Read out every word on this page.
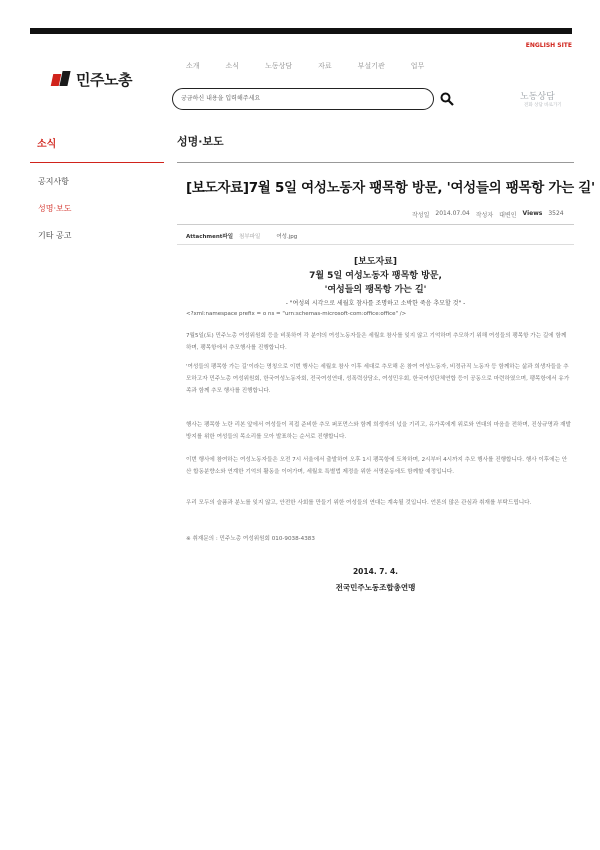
ENGLISH SITE
민주노총
소개	소식	노동상담	자료	부설기관	업무
궁금하신 내용을 입력해주세요	노동상담
전화 상담 바로가기
소식
공지사항
성명·보도
기타 공고
성명·보도
[보도자료]7월 5일 여성노동자 팽목항 방문, '여성들의 팽목항 가는 길'
작성일 2014.07.04 작성자 대변인 Views 3524
Attachment파일 첨부파일	여성.jpg
[보도자료]
7월 5일 여성노동자 팽목항 방문,
'여성들의 팽목항 가는 길'
- "여성의 시각으로 세월호 참사를 조명하고 소박한 죽음 추모할 것" -
<?xml:namespace prefix = o ns = "urn:schemas-microsoft-com:office:office" />

7월5일(토) 민주노총 여성위원회 등을 비롯하여 각 분야의 여성노동자들은 세월호 참사를 잊지 않고 기억하며 추모하기 위해 여성들의 팽목항 가는 길에 함께하며, 팽목항에서 추모행사를 진행합니다.

'여성들의 팽목항 가는 길'이라는 명칭으로 이번 행사는 세월호 참사 이후 세대로 추모해 온 참여 여성노동자, 비정규직 노동자 등 함께하는 삶과 희생자들을 추모하고자 민주노총 여성위원회, 한국여성노동자회, 전국여성연대, 성폭력상담소, 여성민우회, 한국여성단체연합 등이 공동으로 마련하였으며, 팽목항에서 유가족과 함께 추모 행사를 진행합니다.

행사는 팽목항 노란 리본 앞에서 여성들이 직접 준비한 추모 퍼포먼스와 함께 희생자의 넋을 기리고, 유가족에게 위로와 연대의 마음을 전하며, 진상규명과 재발 방지를 위한 여성들의 목소리를 모아 발표하는 순서로 진행합니다.

이번 행사에 참여하는 여성노동자들은 오전 7시 서울에서 출발하여 오후 1시 팽목항에 도착하며, 2시부터 4시까지 추모 행사를 진행합니다. 행사 이후에는 안산 합동분향소와 연계한 기억의 활동을 이어가며, 세월호 특별법 제정을 위한 서명운동에도 함께할 예정입니다.

우리 모두의 슬픔과 분노를 잊지 않고, 안전한 사회를 만들기 위한 여성들의 연대는 계속될 것입니다. 언론의 많은 관심과 취재를 부탁드립니다.

※ 취재문의 : 민주노총 여성위원회 010-9038-4383
2014. 7. 4.
전국민주노동조합총연맹
